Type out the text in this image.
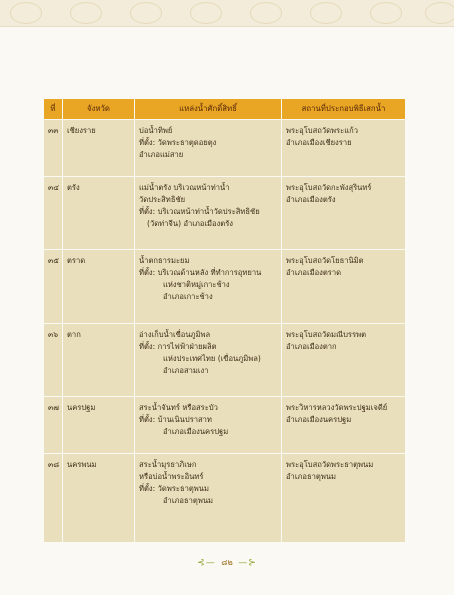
ที่	จังหวัด	แหล่งน้ำศักดิ์สิทธิ์	สถานที่ประกอบพิธีเสกน้ำ
๓๓	เชียงราย	บ่อน้ำทิพย์
ที่ตั้ง: วัดพระธาตุดอยตุง
อำเภอแม่สาย	พระอุโบสถวัดพระแก้ว
อำเภอเมืองเชียงราย

๓๔	ตรัง	แม่น้ำตรัง บริเวณหน้าท่าน้ำ
วัดประสิทธิชัย
ที่ตั้ง: บริเวณหน้าท่าน้ำวัดประสิทธิชัย
(วัดท่าจีน) อำเภอเมืองตรัง	พระอุโบสถวัดกะพังสุรินทร์
อำเภอเมืองตรัง

๓๕	ตราด	น้ำตกธารมะยม
ที่ตั้ง: บริเวณด้านหลัง ที่ทำการอุทยาน
แห่งชาติหมู่เกาะช้าง
อำเภอเกาะช้าง	พระอุโบสถวัดโยธานิมิต
อำเภอเมืองตราด

๓๖	ตาก	อ่างเก็บน้ำเขื่อนภูมิพล
ที่ตั้ง: การไฟฟ้าฝ่ายผลิต
แห่งประเทศไทย (เขื่อนภูมิพล)
อำเภอสามเงา	พระอุโบสถวัดมณีบรรพต
อำเภอเมืองตาก

๓๗	นครปฐม	สระน้ำจันทร์ หรือสระบัว
ที่ตั้ง: บ้านเนินปราสาท
อำเภอเมืองนครปฐม	พระวิหารหลวงวัดพระปฐมเจดีย์
อำเภอเมืองนครปฐม

๓๘	นครพนม	สระน้ำมุรธาภิเษก
หรือบ่อน้ำพระอินทร์
ที่ตั้ง: วัดพระธาตุพนม
อำเภอธาตุพนม	พระอุโบสถวัดพระธาตุพนม
อำเภอธาตุพนม
⊰— ๘๒ —⊱
